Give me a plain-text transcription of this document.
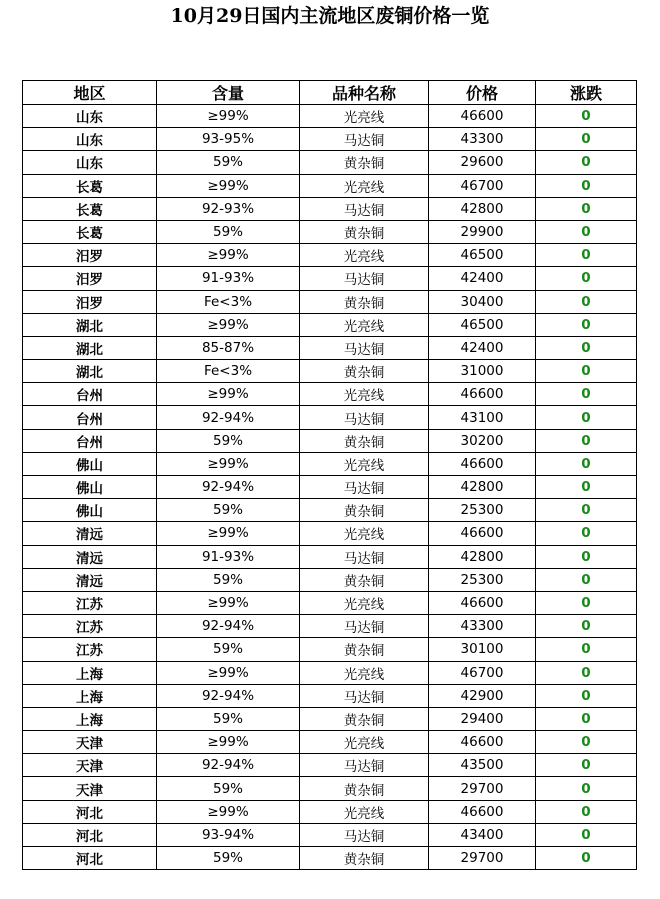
10月29日国内主流地区废铜价格一览
地区	含量	品种名称	价格	涨跌
山东	≥99%	光亮线	46600	0
山东	93-95%	马达铜	43300	0
山东	59%	黄杂铜	29600	0
长葛	≥99%	光亮线	46700	0
长葛	92-93%	马达铜	42800	0
长葛	59%	黄杂铜	29900	0
汨罗	≥99%	光亮线	46500	0
汨罗	91-93%	马达铜	42400	0
汨罗	Fe<3%	黄杂铜	30400	0
湖北	≥99%	光亮线	46500	0
湖北	85-87%	马达铜	42400	0
湖北	Fe<3%	黄杂铜	31000	0
台州	≥99%	光亮线	46600	0
台州	92-94%	马达铜	43100	0
台州	59%	黄杂铜	30200	0
佛山	≥99%	光亮线	46600	0
佛山	92-94%	马达铜	42800	0
佛山	59%	黄杂铜	25300	0
清远	≥99%	光亮线	46600	0
清远	91-93%	马达铜	42800	0
清远	59%	黄杂铜	25300	0
江苏	≥99%	光亮线	46600	0
江苏	92-94%	马达铜	43300	0
江苏	59%	黄杂铜	30100	0
上海	≥99%	光亮线	46700	0
上海	92-94%	马达铜	42900	0
上海	59%	黄杂铜	29400	0
天津	≥99%	光亮线	46600	0
天津	92-94%	马达铜	43500	0
天津	59%	黄杂铜	29700	0
河北	≥99%	光亮线	46600	0
河北	93-94%	马达铜	43400	0
河北	59%	黄杂铜	29700	0
